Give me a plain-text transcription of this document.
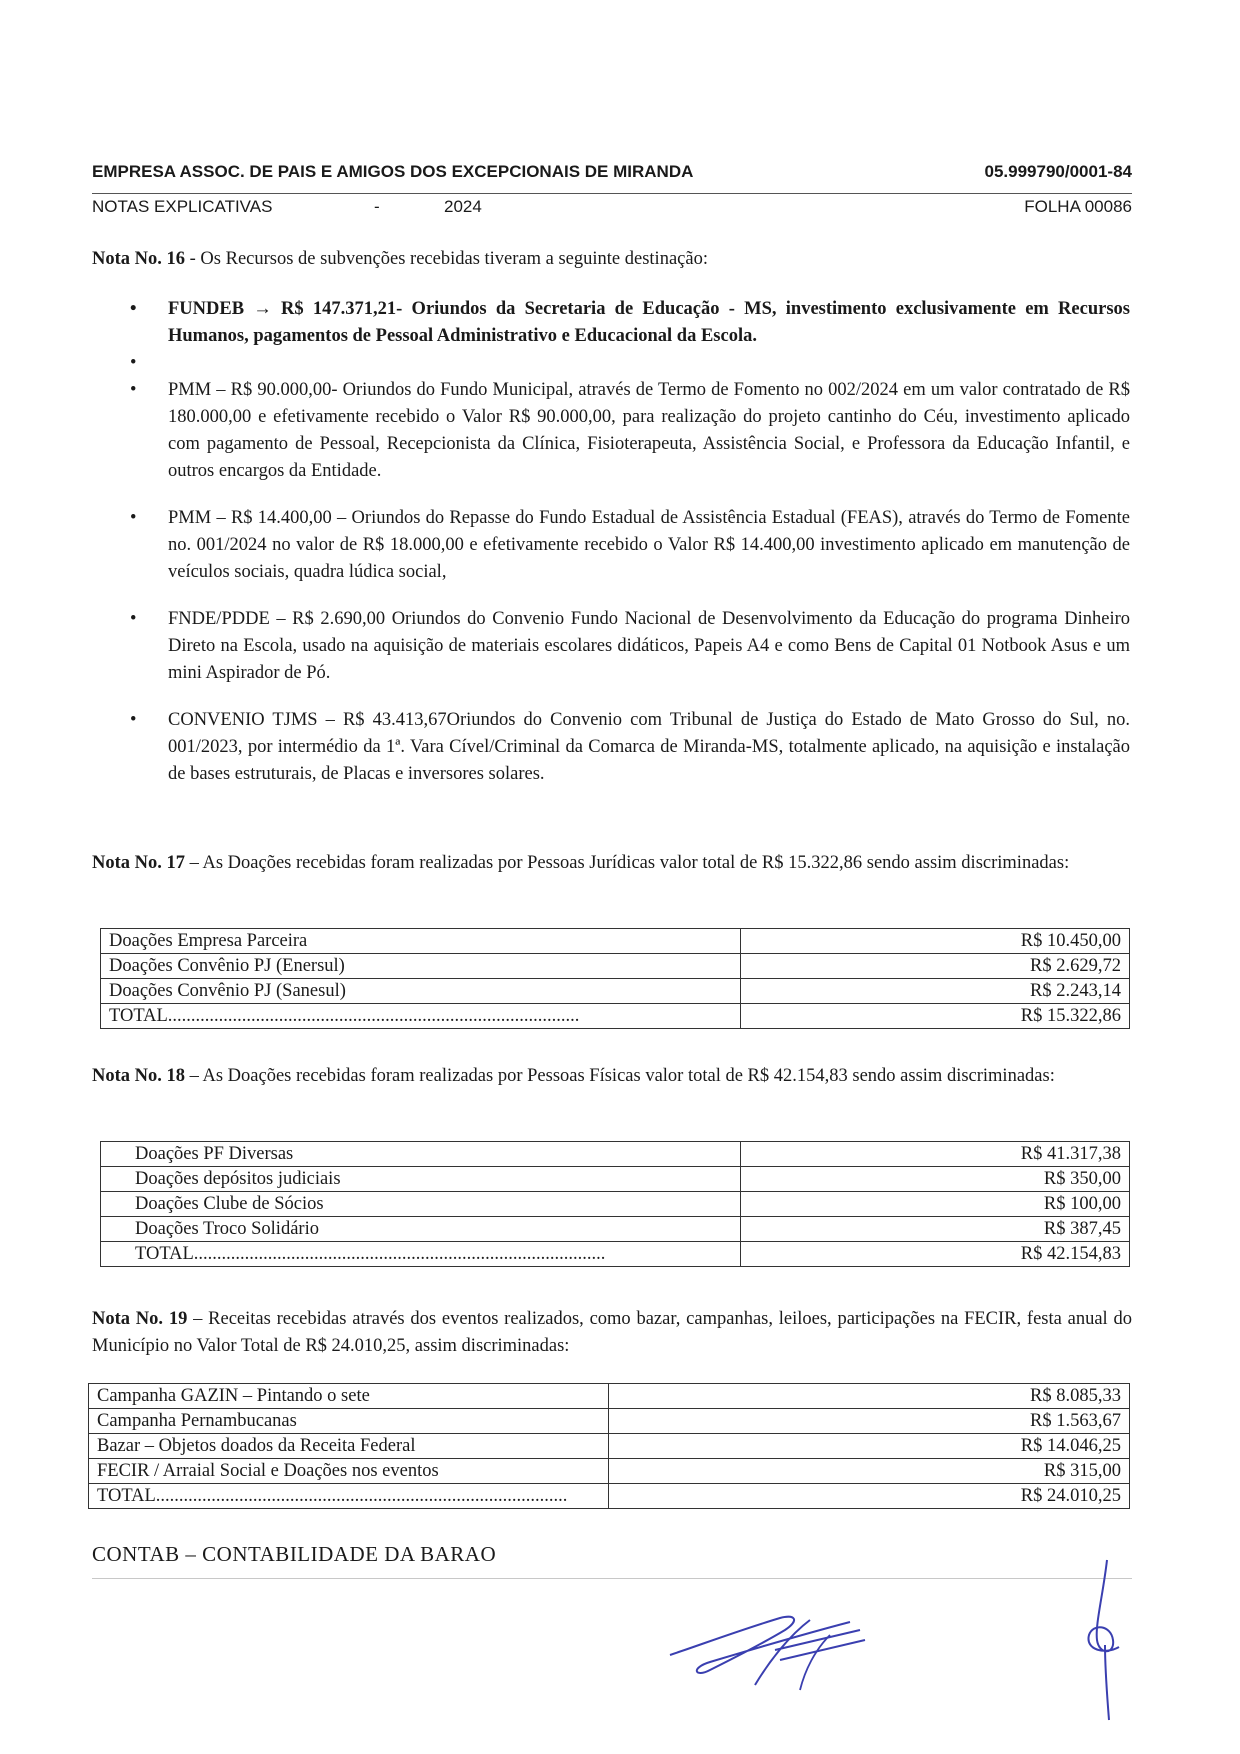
EMPRESA ASSOC. DE PAIS E AMIGOS DOS EXCEPCIONAIS DE MIRANDA	05.999790/0001-84
NOTAS EXPLICATIVAS	-	2024	FOLHA 00086
Nota No. 16 - Os Recursos de subvenções recebidas tiveram a seguinte destinação:
• FUNDEB → R$ 147.371,21- Oriundos da Secretaria de Educação - MS, investimento exclusivamente em Recursos Humanos, pagamentos de Pessoal Administrativo e Educacional da Escola.
•
• PMM – R$ 90.000,00- Oriundos do Fundo Municipal, através de Termo de Fomento no 002/2024 em um valor contratado de R$ 180.000,00 e efetivamente recebido o Valor R$ 90.000,00, para realização do projeto cantinho do Céu, investimento aplicado com pagamento de Pessoal, Recepcionista da Clínica, Fisioterapeuta, Assistência Social, e Professora da Educação Infantil, e outros encargos da Entidade.
• PMM – R$ 14.400,00 – Oriundos do Repasse do Fundo Estadual de Assistência Estadual (FEAS), através do Termo de Fomente no. 001/2024 no valor de R$ 18.000,00 e efetivamente recebido o Valor R$ 14.400,00 investimento aplicado em manutenção de veículos sociais, quadra lúdica social,
• FNDE/PDDE – R$ 2.690,00 Oriundos do Convenio Fundo Nacional de Desenvolvimento da Educação do programa Dinheiro Direto na Escola, usado na aquisição de materiais escolares didáticos, Papeis A4 e como Bens de Capital 01 Notbook Asus e um mini Aspirador de Pó.
• CONVENIO TJMS – R$ 43.413,67Oriundos do Convenio com Tribunal de Justiça do Estado de Mato Grosso do Sul, no. 001/2023, por intermédio da 1ª. Vara Cível/Criminal da Comarca de Miranda-MS, totalmente aplicado, na aquisição e instalação de bases estruturais, de Placas e inversores solares.
Nota No. 17 – As Doações recebidas foram realizadas por Pessoas Jurídicas valor total de R$ 15.322,86 sendo assim discriminadas:
Doações Empresa Parceira	R$ 10.450,00
Doações Convênio PJ (Enersul)	R$ 2.629,72
Doações Convênio PJ (Sanesul)	R$ 2.243,14
TOTAL.........................................................................................	R$ 15.322,86
Nota No. 18 – As Doações recebidas foram realizadas por Pessoas Físicas valor total de R$ 42.154,83 sendo assim discriminadas:
Doações PF Diversas	R$ 41.317,38
Doações depósitos judiciais	R$ 350,00
Doações Clube de Sócios	R$ 100,00
Doações Troco Solidário	R$ 387,45
TOTAL.........................................................................................	R$ 42.154,83
Nota No. 19 – Receitas recebidas através dos eventos realizados, como bazar, campanhas, leiloes, participações na FECIR, festa anual do Município no Valor Total de R$ 24.010,25, assim discriminadas:
Campanha GAZIN – Pintando o sete	R$ 8.085,33
Campanha Pernambucanas	R$ 1.563,67
Bazar – Objetos doados da Receita Federal	R$ 14.046,25
FECIR / Arraial Social e Doações nos eventos	R$ 315,00
TOTAL.........................................................................................	R$ 24.010,25
CONTAB – CONTABILIDADE DA BARAO
